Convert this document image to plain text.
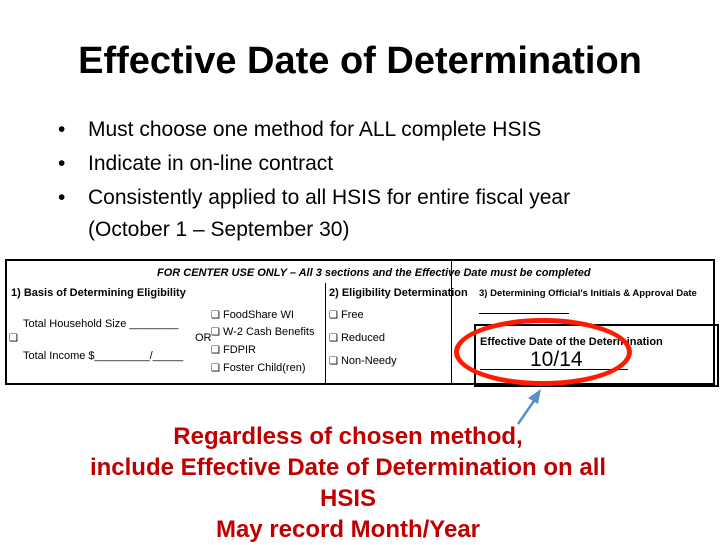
Effective Date of Determination
• Must choose one method for ALL complete HSIS
• Indicate in on-line contract
• Consistently applied to all HSIS for entire fiscal year
(October 1 – September 30)
FOR CENTER USE ONLY – All 3 sections and the Effective Date must be completed
1) Basis of Determining Eligibility
Total Household Size ________
❑	OR
Total Income $_________/_____
❑ FoodShare WI
❑ W-2 Cash Benefits
❑ FDPIR
❑ Foster Child(ren)
2) Eligibility Determination
❑ Free
❑ Reduced
❑ Non-Needy
3) Determining Official's Initials & Approval Date
Effective Date of the Determination
10/14
Regardless of chosen method,
include Effective Date of Determination on all
HSIS
May record Month/Year
